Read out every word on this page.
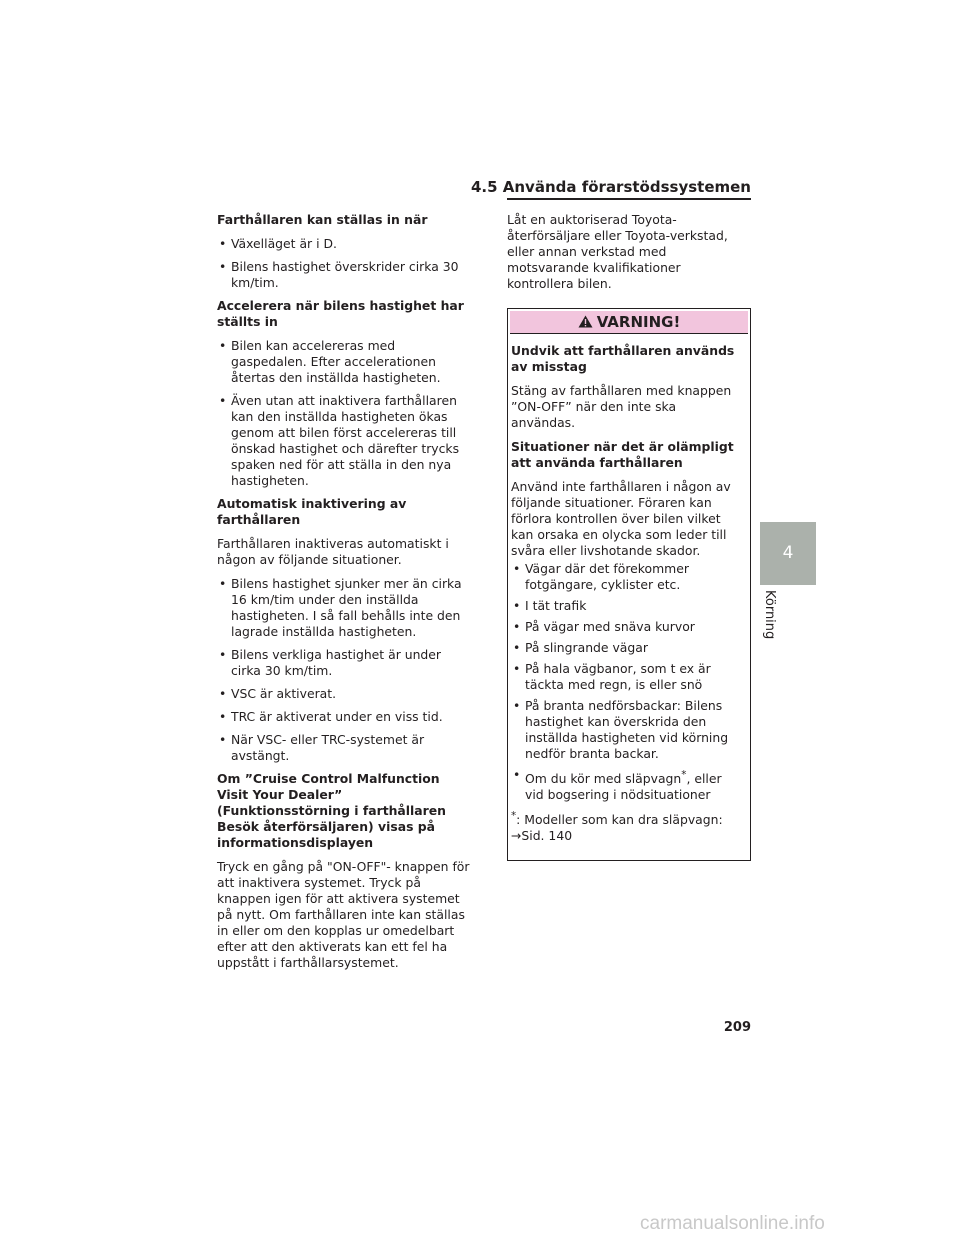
4.5 Använda förarstödssystemen
Farthållaren kan ställas in när
• Växelläget är i D.
• Bilens hastighet överskrider cirka 30 km/tim.
Accelerera när bilens hastighet har ställts in
• Bilen kan accelereras med gaspedalen. Efter accelerationen återtas den inställda hastigheten.
• Även utan att inaktivera farthållaren kan den inställda hastigheten ökas genom att bilen först accelereras till önskad hastighet och därefter trycks spaken ned för att ställa in den nya hastigheten.
Automatisk inaktivering av farthållaren

Farthållaren inaktiveras automatiskt i någon av följande situationer.

• Bilens hastighet sjunker mer än cirka 16 km/tim under den inställda hastigheten. I så fall behålls inte den lagrade inställda hastigheten.
• Bilens verkliga hastighet är under cirka 30 km/tim.
• VSC är aktiverat.
• TRC är aktiverat under en viss tid.
• När VSC- eller TRC-systemet är avstängt.
Om ”Cruise Control Malfunction Visit Your Dealer” (Funktionsstörning i farthållaren Besök återförsäljaren) visas på informationsdisplayen

Tryck en gång på "ON-OFF"- knappen för att inaktivera systemet. Tryck på knappen igen för att aktivera systemet på nytt. Om farthållaren inte kan ställas in eller om den kopplas ur omedelbart efter att den aktiverats kan ett fel ha uppstått i farthållarsystemet.

Låt en auktoriserad Toyota-återförsäljare eller Toyota-verkstad, eller annan verkstad med motsvarande kvalifikationer kontrollera bilen.

VARNING!
Undvik att farthållaren används av misstag

Stäng av farthållaren med knappen ”ON-OFF” när den inte ska användas.

Situationer när det är olämpligt att använda farthållaren

Använd inte farthållaren i någon av följande situationer. Föraren kan förlora kontrollen över bilen vilket kan orsaka en olycka som leder till svåra eller livshotande skador.

• Vägar där det förekommer fotgängare, cyklister etc.
• I tät trafik
• På vägar med snäva kurvor
• På slingrande vägar
• På hala vägbanor, som t ex är täckta med regn, is eller snö
• På branta nedförsbackar: Bilens hastighet kan överskrida den inställda hastigheten vid körning nedför branta backar.
• Om du kör med släpvagn*, eller vid bogsering i nödsituationer

*: Modeller som kan dra släpvagn:
→Sid. 140

4
Körning
209
carmanualsonline.info
